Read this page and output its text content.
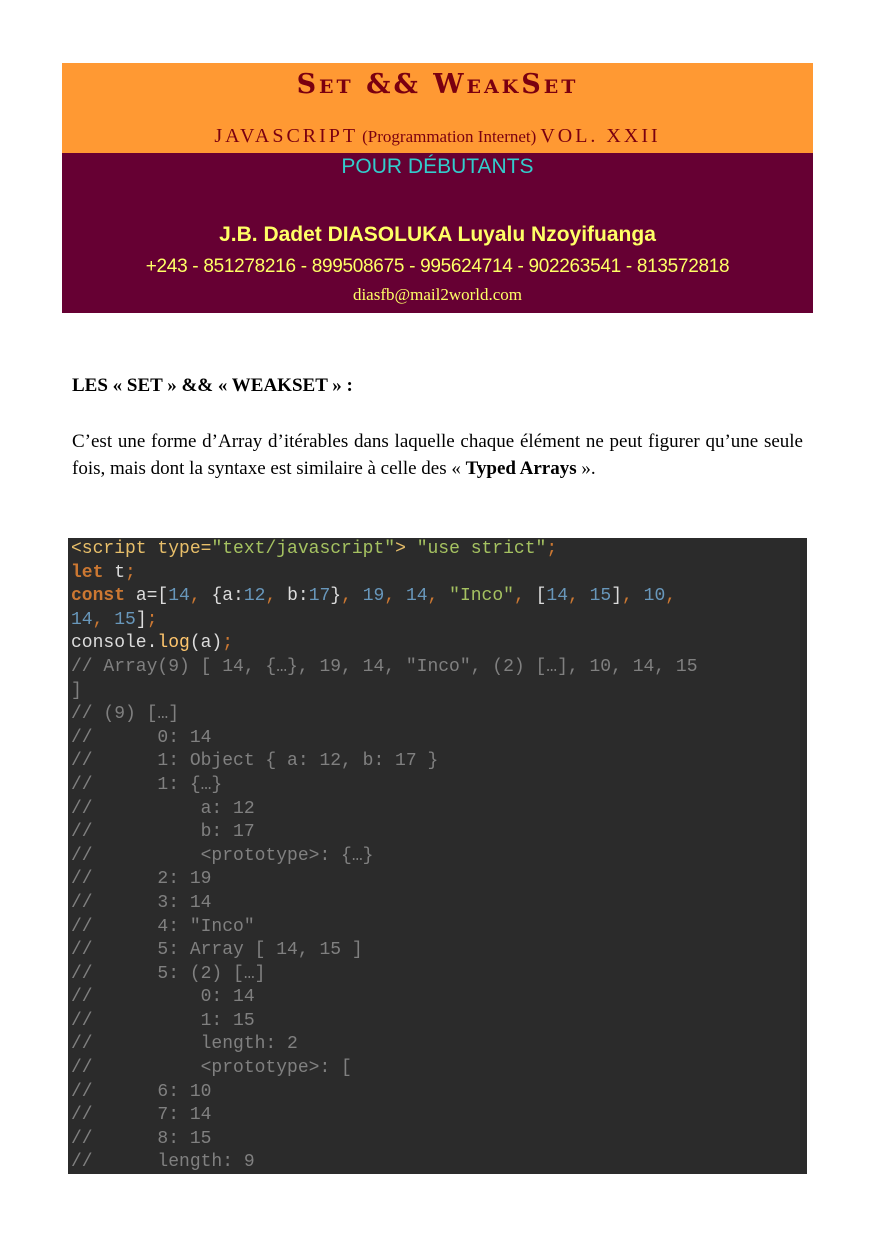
Set && WeakSet
JAVASCRIPT (Programmation Internet) VOL. XXII
POUR DÉBUTANTS
J.B. Dadet DIASOLUKA Luyalu Nzoyifuanga
+243 - 851278216 - 899508675 - 995624714 - 902263541 - 813572818
diasfb@mail2world.com
LES « SET » && « WEAKSET » :
C’est une forme d’Array d’itérables dans laquelle chaque élément ne peut figurer qu’une seule fois, mais dont la syntaxe est similaire à celle des « Typed Arrays ».
<script type="text/javascript"> "use strict";
let t;
const a=[14, {a:12, b:17}, 19, 14, "Inco", [14, 15], 10,
14, 15];
console.log(a);
// Array(9) [ 14, {…}, 19, 14, "Inco", (2) […], 10, 14, 15
]
// (9) […]
//      0: 14
//      1: Object { a: 12, b: 17 }
//      1: {…}
//          a: 12
//          b: 17
//          <prototype>: {…}
//      2: 19
//      3: 14
//      4: "Inco"
//      5: Array [ 14, 15 ]
//      5: (2) […]
//          0: 14
//          1: 15
//          length: 2
//          <prototype>: [
//      6: 10
//      7: 14
//      8: 15
//      length: 9
